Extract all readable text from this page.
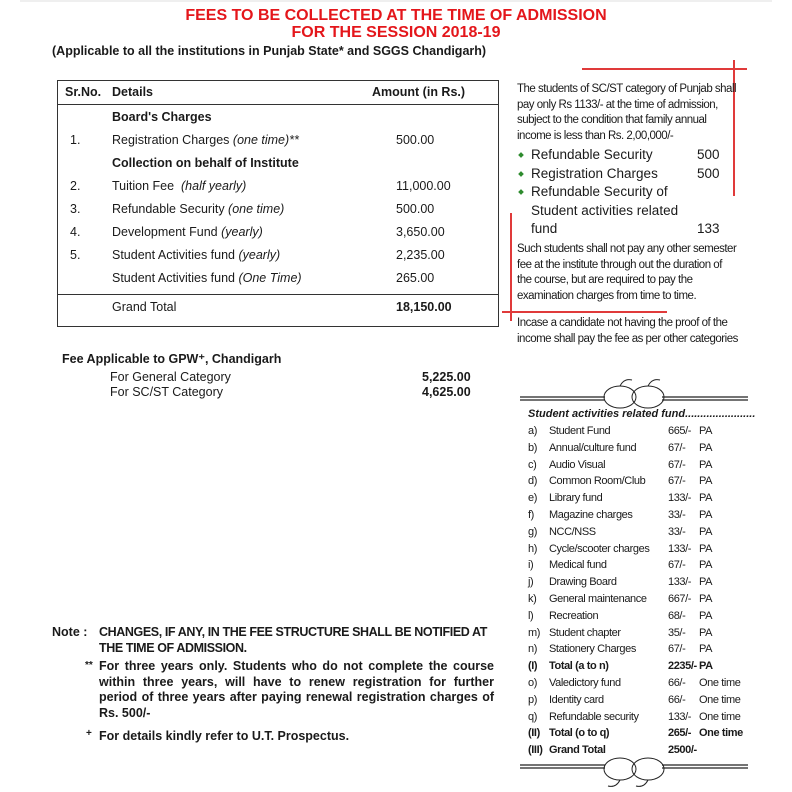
FEES TO BE COLLECTED AT THE TIME OF ADMISSION
FOR THE SESSION 2018-19
(Applicable to all the institutions in Punjab State* and SGGS Chandigarh)
Sr.No. Details	Amount (in Rs.)
Board's Charges
1.	Registration Charges (one time)**	500.00
Collection on behalf of Institute
2.	Tuition Fee  (half yearly)	11,000.00
3.	Refundable Security (one time)	500.00
4.	Development Fund (yearly)	3,650.00
5.	Student Activities fund (yearly)	2,235.00
Student Activities fund (One Time)	265.00
Grand Total	18,150.00

The students of SC/ST category of Punjab shall pay only Rs 1133/- at the time of admission, subject to the condition that family annual income is less than Rs. 2,00,000/-

Refundable Security	500
Registration Charges	500
Refundable Security of Student activities related fund	133
Such students shall not pay any other semester fee at the institute through out the duration of the course, but are required to pay the examination charges from time to time.
Incase a candidate not having the proof of the income shall pay the fee as per other categories
Fee Applicable to GPW⁺, Chandigarh
For General Category	5,225.00
For SC/ST Category	4,625.00
Student activities related fund.......................
a) Student Fund	665/- PA
b) Annual/culture fund	67/- PA
c) Audio Visual	67/- PA
d) Common Room/Club 67/- PA
e) Library fund	133/- PA
f) Magazine charges	33/- PA
g) NCC/NSS	33/- PA
h) Cycle/scooter charges 133/- PA
i) Medical fund	67/- PA
j) Drawing Board	133/- PA
k) General maintenance 667/- PA
l) Recreation	68/- PA
m) Student chapter	35/- PA
n) Stationery Charges	67/- PA
(I) Total (a to n)	2235/- PA
o) Valedictory fund	66/- One time
p) Identity card	66/- One time
q) Refundable security	133/- One time
(II) Total (o to q)	265/- One time
(III) Grand Total	2500/-
Note : CHANGES, IF ANY, IN THE FEE STRUCTURE SHALL BE NOTIFIED AT THE TIME OF ADMISSION.
** For three years only. Students who do not complete the course within three years, will have to renew registration for further period of three years after paying renewal registration charges of Rs. 500/-
+ For details kindly refer to U.T. Prospectus.
